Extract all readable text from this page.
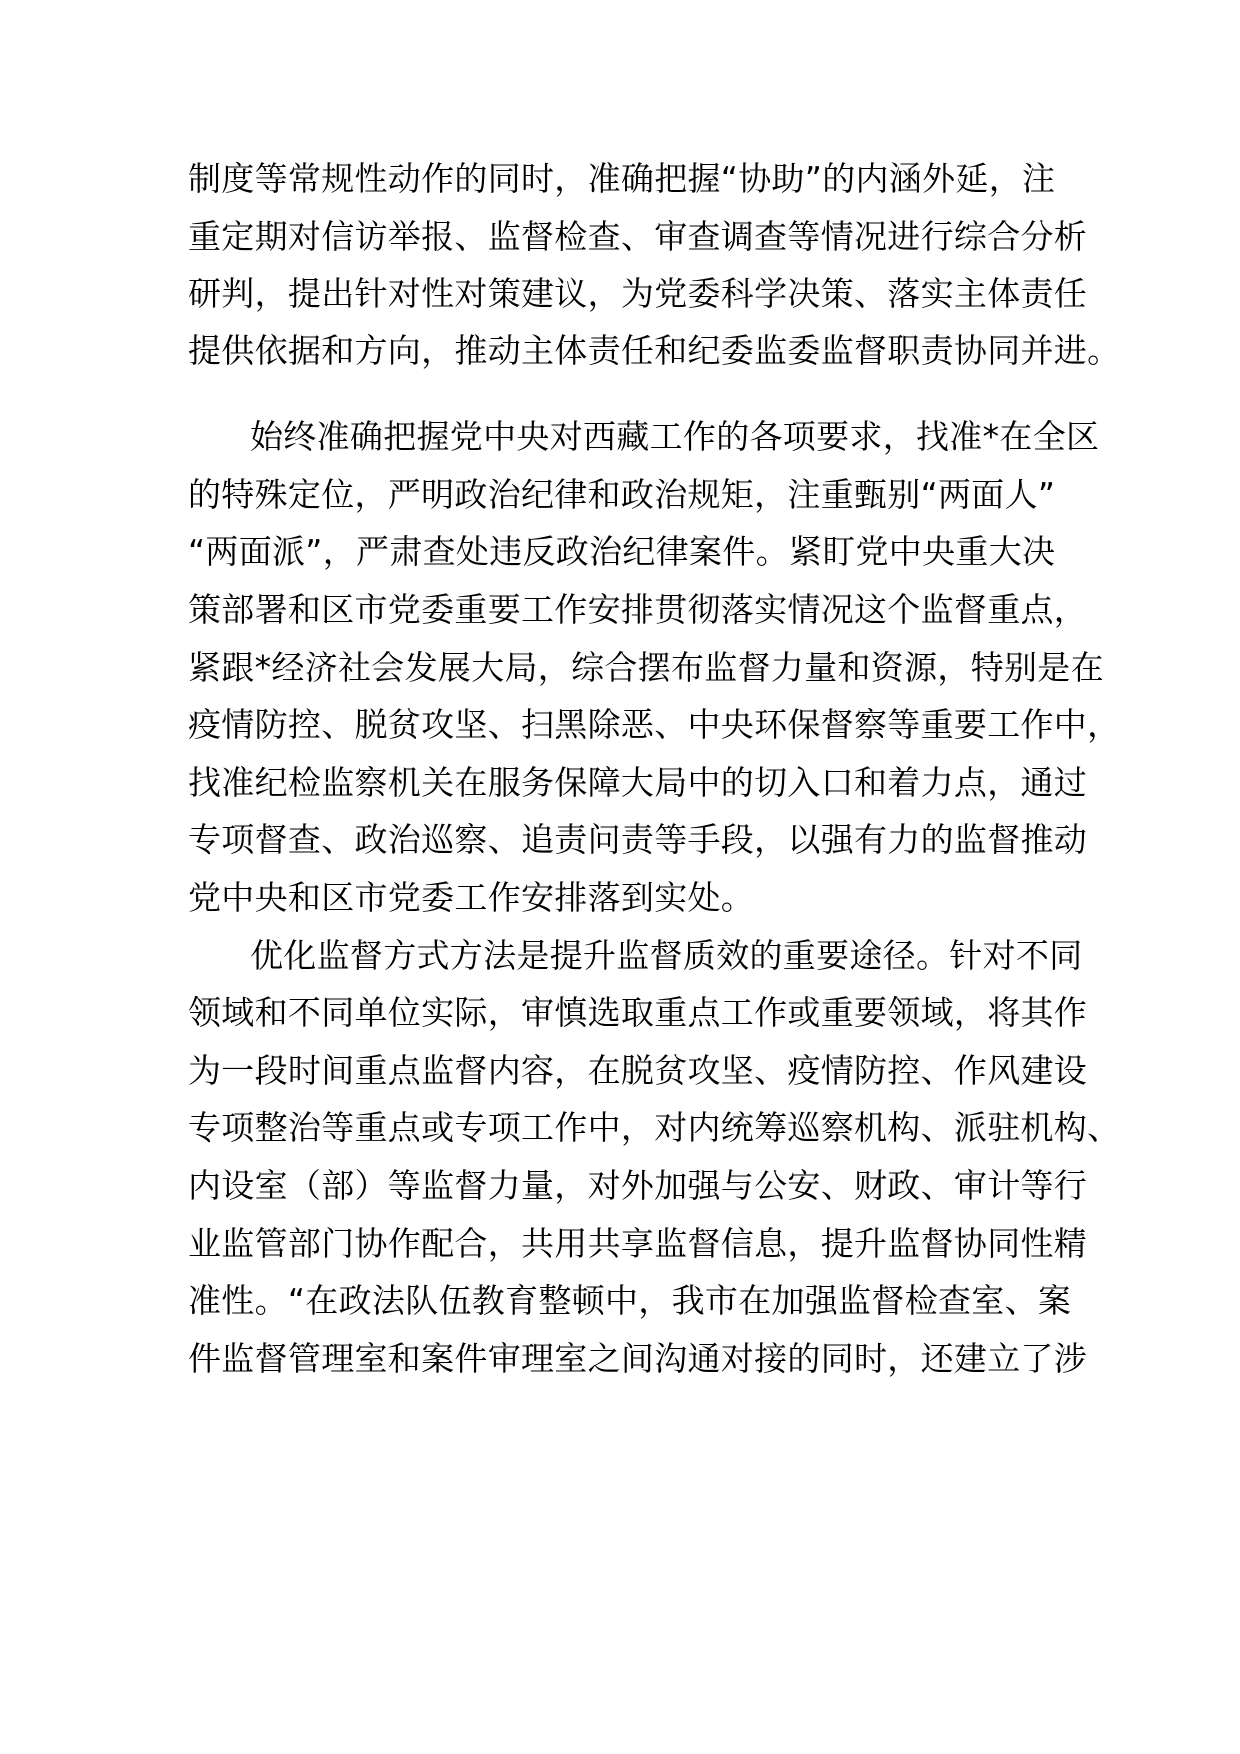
制度等常规性动作的同时，准确把握“协助”的内涵外延，注
重定期对信访举报、监督检查、审查调查等情况进行综合分析
研判，提出针对性对策建议，为党委科学决策、落实主体责任
提供依据和方向，推动主体责任和纪委监委监督职责协同并进。
始终准确把握党中央对西藏工作的各项要求，找准*在全区
的特殊定位，严明政治纪律和政治规矩，注重甄别“两面人”
“两面派”，严肃查处违反政治纪律案件。紧盯党中央重大决
策部署和区市党委重要工作安排贯彻落实情况这个监督重点，
紧跟*经济社会发展大局，综合摆布监督力量和资源，特别是在
疫情防控、脱贫攻坚、扫黑除恶、中央环保督察等重要工作中，
找准纪检监察机关在服务保障大局中的切入口和着力点，通过
专项督查、政治巡察、追责问责等手段，以强有力的监督推动
党中央和区市党委工作安排落到实处。
优化监督方式方法是提升监督质效的重要途径。针对不同
领域和不同单位实际，审慎选取重点工作或重要领域，将其作
为一段时间重点监督内容，在脱贫攻坚、疫情防控、作风建设
专项整治等重点或专项工作中，对内统筹巡察机构、派驻机构、
内设室（部）等监督力量，对外加强与公安、财政、审计等行
业监管部门协作配合，共用共享监督信息，提升监督协同性精
准性。“在政法队伍教育整顿中，我市在加强监督检查室、案
件监督管理室和案件审理室之间沟通对接的同时，还建立了涉
